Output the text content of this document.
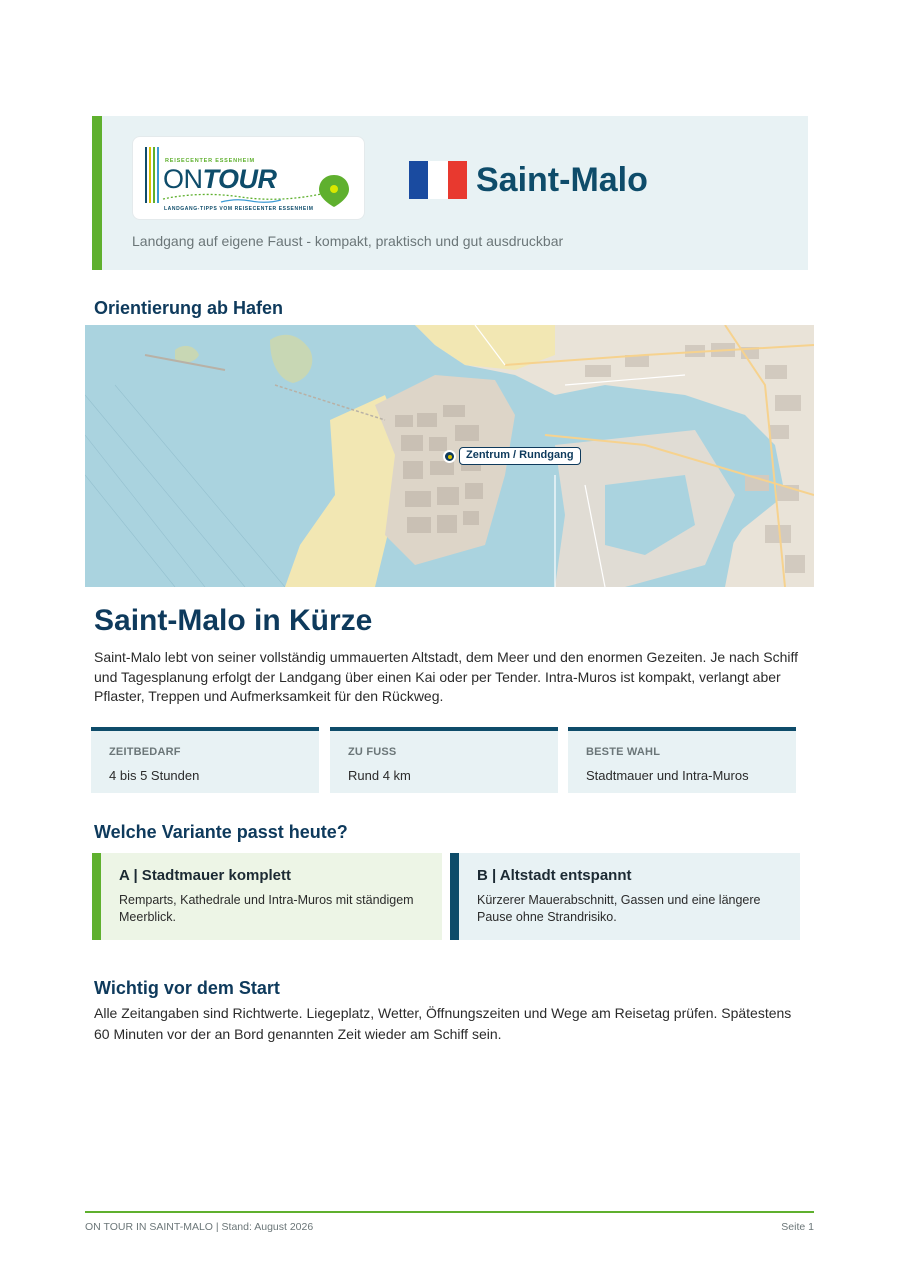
REISECENTER ESSENHEIM
ONTOUR
LANDGANG-TIPPS VOM REISECENTER ESSENHEIM
Saint-Malo
Landgang auf eigene Faust - kompakt, praktisch und gut ausdruckbar
Orientierung ab Hafen
Zentrum / Rundgang
Saint-Malo in Kürze
Saint-Malo lebt von seiner vollständig ummauerten Altstadt, dem Meer und den enormen Gezeiten. Je nach Schiff und Tagesplanung erfolgt der Landgang über einen Kai oder per Tender. Intra-Muros ist kompakt, verlangt aber Pflaster, Treppen und Aufmerksamkeit für den Rückweg.
ZEITBEDARF
4 bis 5 Stunden
ZU FUSS
Rund 4 km
BESTE WAHL
Stadtmauer und Intra-Muros
Welche Variante passt heute?
A | Stadtmauer komplett
Remparts, Kathedrale und Intra-Muros mit ständigem Meerblick.
B | Altstadt entspannt
Kürzerer Mauerabschnitt, Gassen und eine längere Pause ohne Strandrisiko.
Wichtig vor dem Start
Alle Zeitangaben sind Richtwerte. Liegeplatz, Wetter, Öffnungszeiten und Wege am Reisetag prüfen. Spätestens 60 Minuten vor der an Bord genannten Zeit wieder am Schiff sein.
ON TOUR IN SAINT-MALO | Stand: August 2026	Seite 1
